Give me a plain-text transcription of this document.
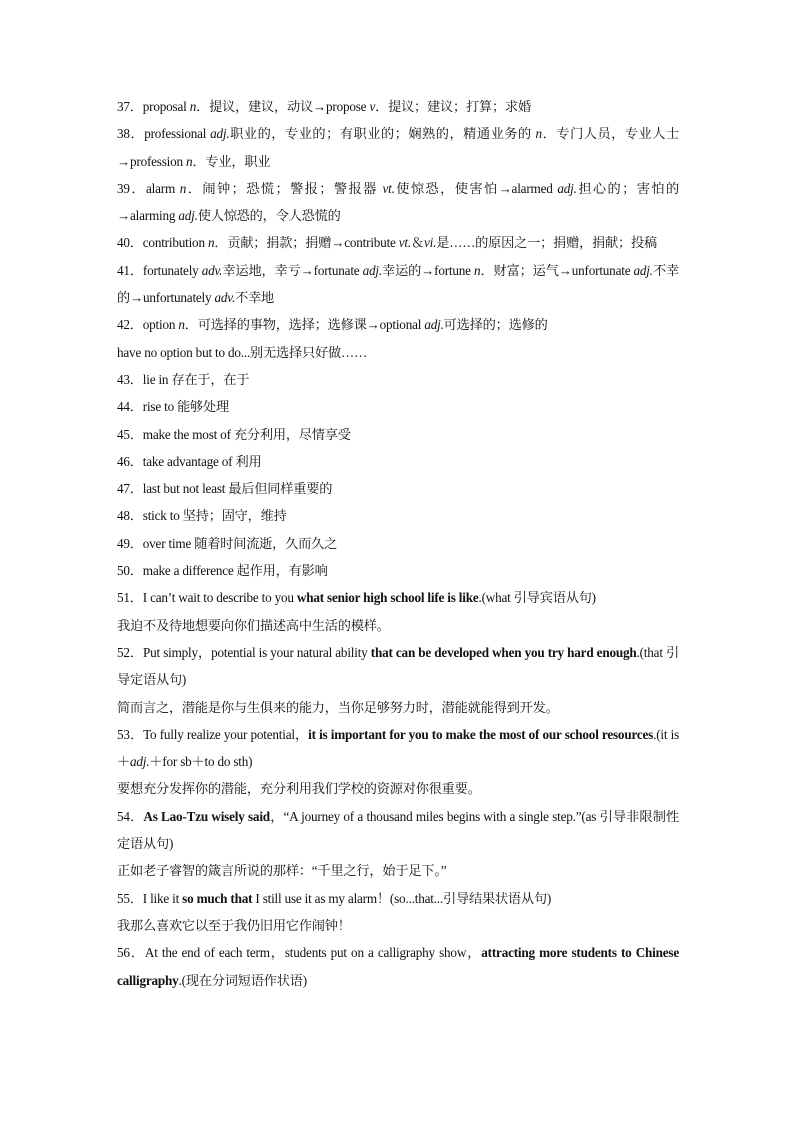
37．proposal n．提议，建议，动议→propose v．提议；建议；打算；求婚
38．professional adj.职业的，专业的；有职业的；娴熟的，精通业务的 n．专门人员，专业人士→profession n．专业，职业
39．alarm n．闹钟；恐慌；警报；警报器 vt.使惊恐，使害怕→alarmed adj.担心的；害怕的→alarming adj.使人惊恐的，令人恐慌的
40．contribution n．贡献；捐款；捐赠→contribute vt.＆vi.是……的原因之一；捐赠，捐献；投稿
41．fortunately adv.幸运地，幸亏→fortunate adj.幸运的→fortune n．财富；运气→unfortunate adj.不幸的→unfortunately adv.不幸地
42．option n．可选择的事物，选择；选修课→optional adj.可选择的；选修的
have no option but to do...别无选择只好做……
43．lie in 存在于，在于
44．rise to 能够处理
45．make the most of 充分利用，尽情享受
46．take advantage of 利用
47．last but not least 最后但同样重要的
48．stick to 坚持；固守，维持
49．over time 随着时间流逝，久而久之
50．make a difference 起作用，有影响
51．I can’t wait to describe to you what senior high school life is like.(what 引导宾语从句)
我迫不及待地想要向你们描述高中生活的模样。
52．Put simply，potential is your natural ability that can be developed when you try hard enough.(that 引导定语从句)
简而言之，潜能是你与生俱来的能力，当你足够努力时，潜能就能得到开发。
53．To fully realize your potential，it is important for you to make the most of our school resources.(it is＋adj.＋for sb＋to do sth)
要想充分发挥你的潜能，充分利用我们学校的资源对你很重要。
54．As Lao-Tzu wisely said，“A journey of a thousand miles begins with a single step.”(as 引导非限制性定语从句)
正如老子睿智的箴言所说的那样：“千里之行，始于足下。”
55．I like it so much that I still use it as my alarm！(so...that...引导结果状语从句)
我那么喜欢它以至于我仍旧用它作闹钟！
56．At the end of each term，students put on a calligraphy show，attracting more students to Chinese calligraphy.(现在分词短语作状语)
